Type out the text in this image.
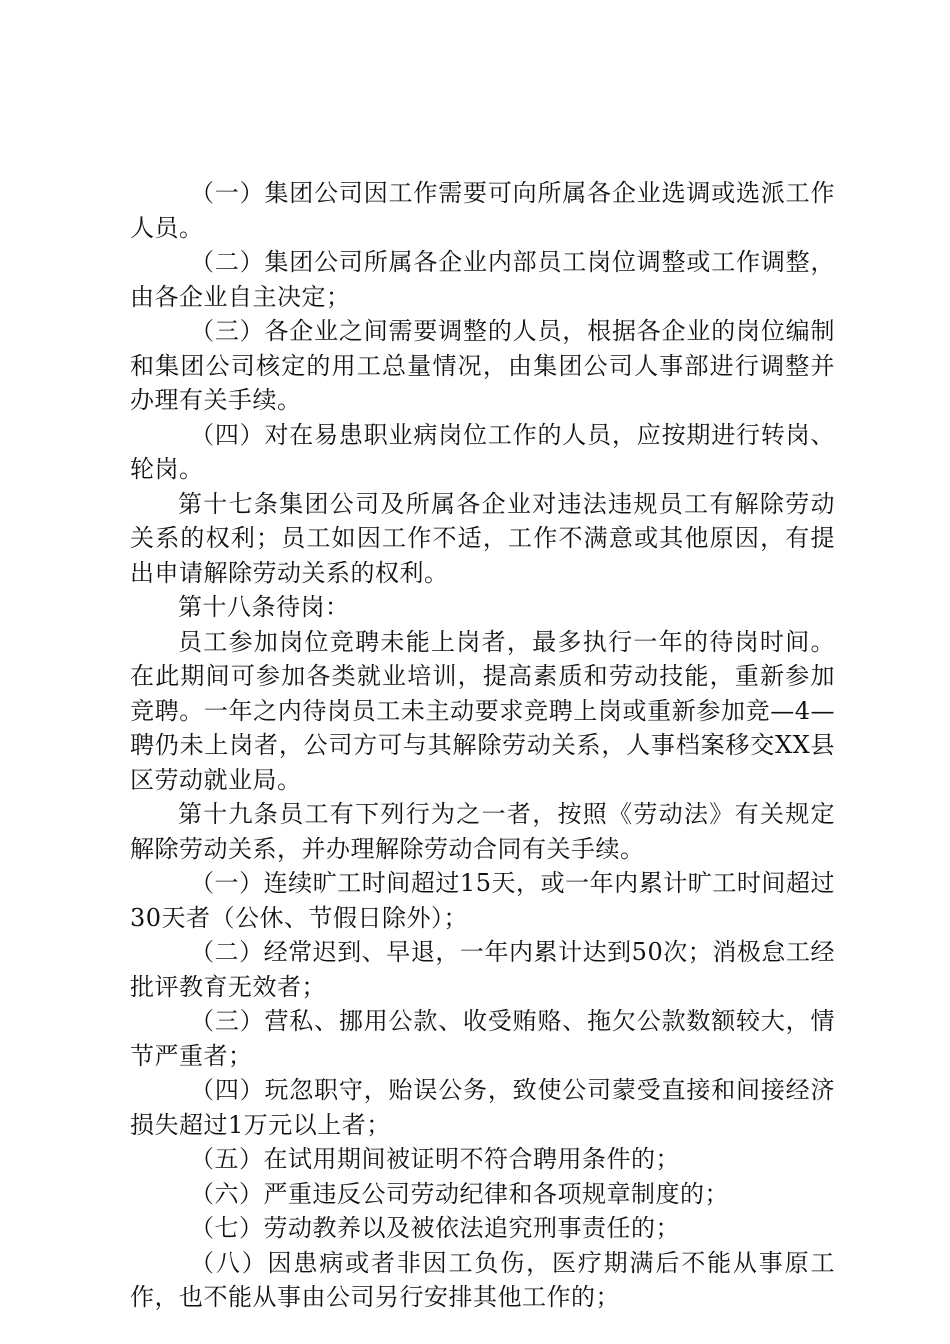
（一）集团公司因工作需要可向所属各企业选调或选派工作人员。

（二）集团公司所属各企业内部员工岗位调整或工作调整，由各企业自主决定；

（三）各企业之间需要调整的人员，根据各企业的岗位编制和集团公司核定的用工总量情况，由集团公司人事部进行调整并办理有关手续。

（四）对在易患职业病岗位工作的人员，应按期进行转岗、轮岗。

第十七条集团公司及所属各企业对违法违规员工有解除劳动关系的权利；员工如因工作不适，工作不满意或其他原因，有提出申请解除劳动关系的权利。

第十八条待岗：

员工参加岗位竞聘未能上岗者，最多执行一年的待岗时间。在此期间可参加各类就业培训，提高素质和劳动技能，重新参加竞聘。一年之内待岗员工未主动要求竞聘上岗或重新参加竞—4—聘仍未上岗者，公司方可与其解除劳动关系，人事档案移交XX县区劳动就业局。

第十九条员工有下列行为之一者，按照《劳动法》有关规定解除劳动关系，并办理解除劳动合同有关手续。

（一）连续旷工时间超过15天，或一年内累计旷工时间超过30天者（公休、节假日除外）；

（二）经常迟到、早退，一年内累计达到50次；消极怠工经批评教育无效者；

（三）营私、挪用公款、收受贿赂、拖欠公款数额较大，情节严重者；

（四）玩忽职守，贻误公务，致使公司蒙受直接和间接经济损失超过1万元以上者；

（五）在试用期间被证明不符合聘用条件的；

（六）严重违反公司劳动纪律和各项规章制度的；

（七）劳动教养以及被依法追究刑事责任的；

（八）因患病或者非因工负伤，医疗期满后不能从事原工作，也不能从事由公司另行安排其他工作的；
